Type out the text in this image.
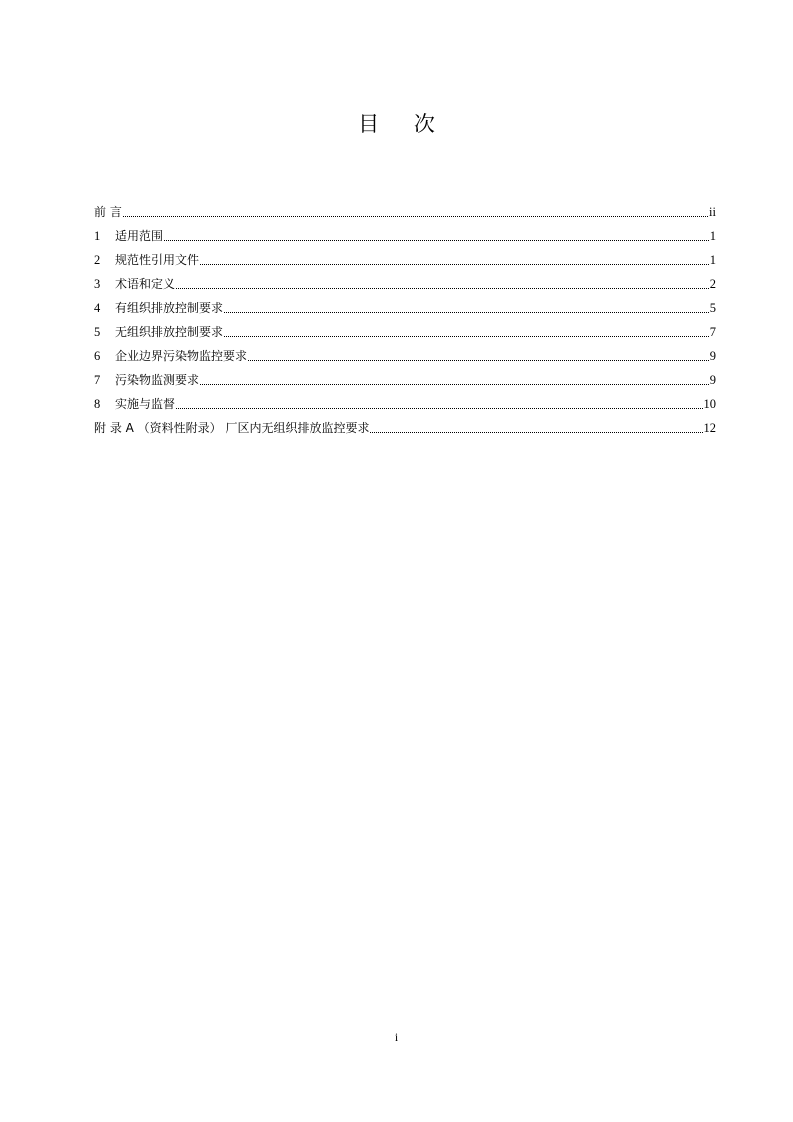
目 次
前 言	ii
1	适用范围	1
2	规范性引用文件	1
3	术语和定义	2
4	有组织排放控制要求	5
5	无组织排放控制要求	7
6	企业边界污染物监控要求	9
7	污染物监测要求	9
8	实施与监督	10
附 录 A （资料性附录） 厂区内无组织排放监控要求	12
i
